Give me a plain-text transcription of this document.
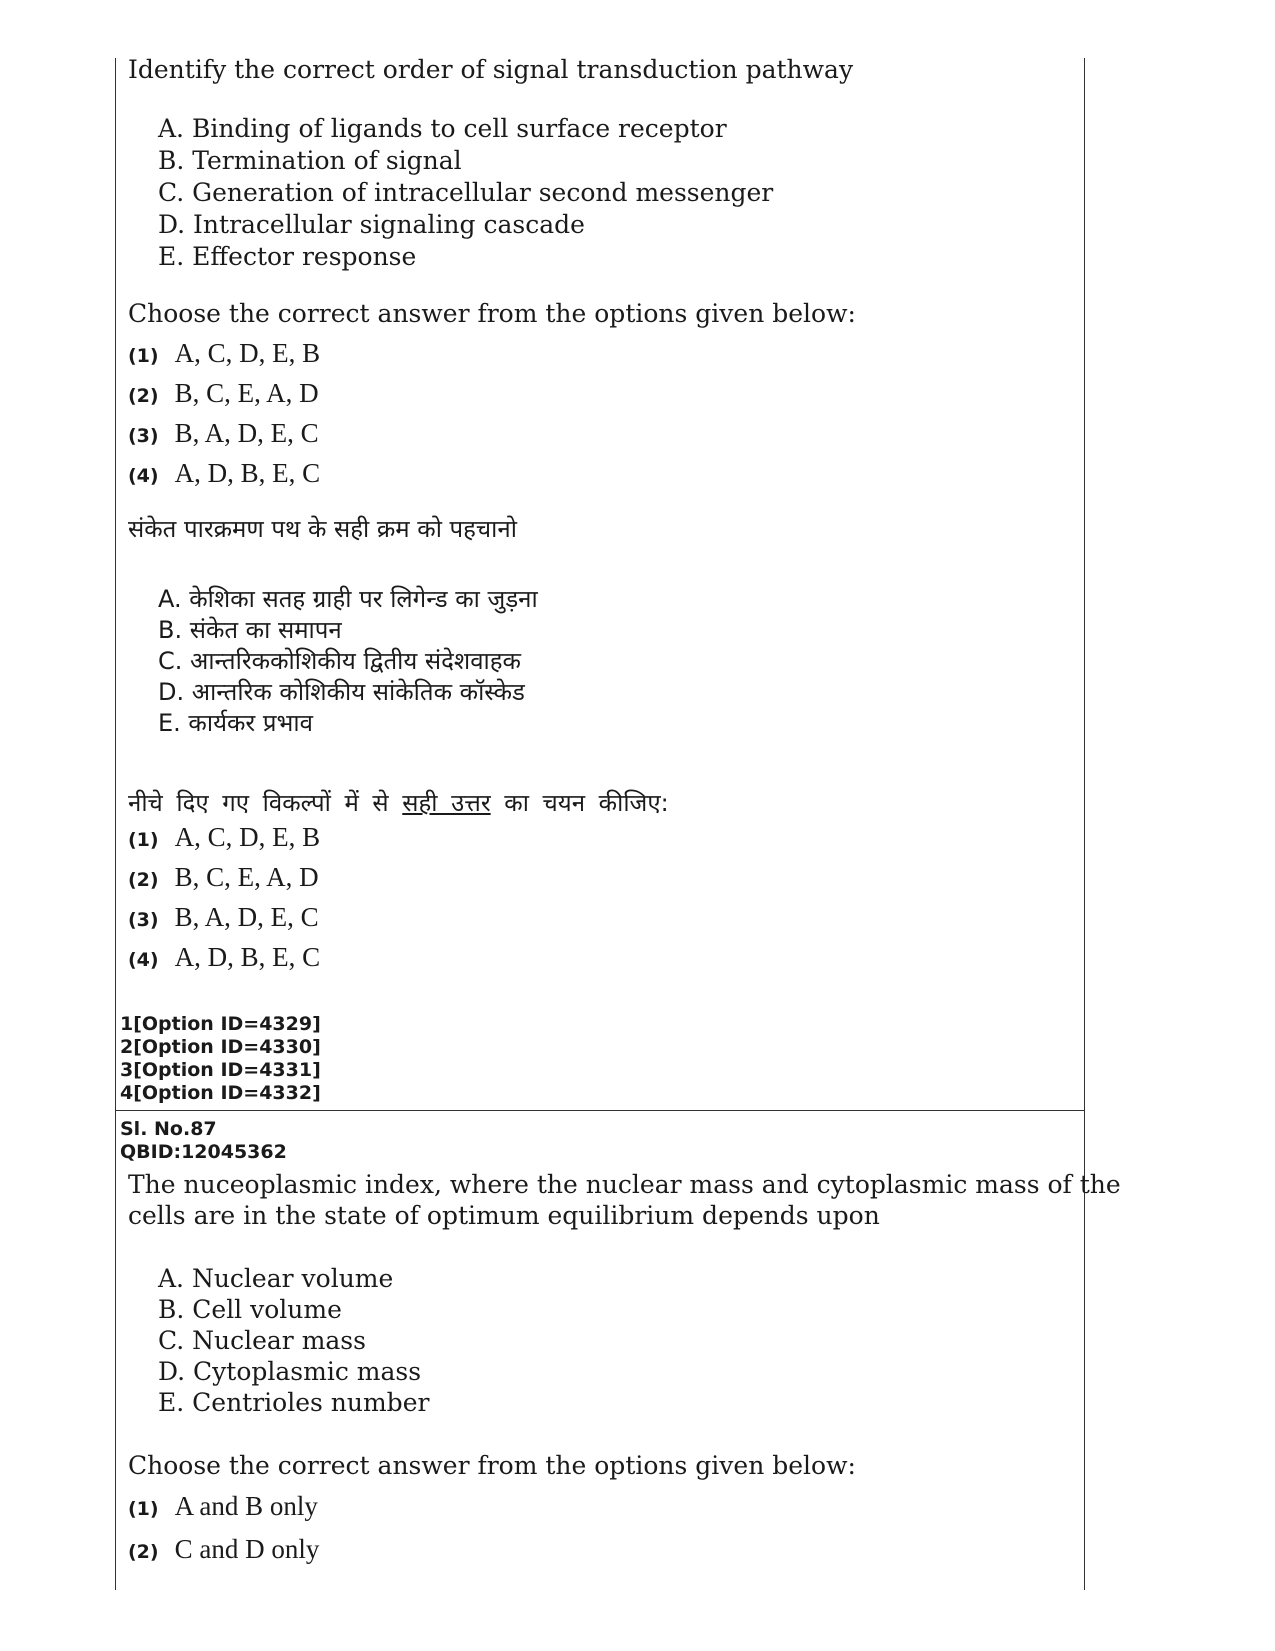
Identify the correct order of signal transduction pathway
A. Binding of ligands to cell surface receptor
B. Termination of signal
C. Generation of intracellular second messenger
D. Intracellular signaling cascade
E. Effector response
Choose the correct answer from the options given below:
(1) A, C, D, E, B
(2) B, C, E, A, D
(3) B, A, D, E, C
(4) A, D, B, E, C
संकेत पारक्रमण पथ के सही क्रम को पहचानो
A. केशिका सतह ग्राही पर लिगेन्ड का जुड़ना
B. संकेत का समापन
C. आन्तरिककोशिकीय द्वितीय संदेशवाहक
D. आन्तरिक कोशिकीय सांकेतिक कॉस्केड
E. कार्यकर प्रभाव
नीचे दिए गए विकल्पों में से सही उत्तर का चयन कीजिए:
(1) A, C, D, E, B
(2) B, C, E, A, D
(3) B, A, D, E, C
(4) A, D, B, E, C
1[Option ID=4329]
2[Option ID=4330]
3[Option ID=4331]
4[Option ID=4332]
Sl. No.87
QBID:12045362
The nuceoplasmic index, where the nuclear mass and cytoplasmic mass of the
cells are in the state of optimum equilibrium depends upon
A. Nuclear volume
B. Cell volume
C. Nuclear mass
D. Cytoplasmic mass
E. Centrioles number
Choose the correct answer from the options given below:
(1) A and B only
(2) C and D only
